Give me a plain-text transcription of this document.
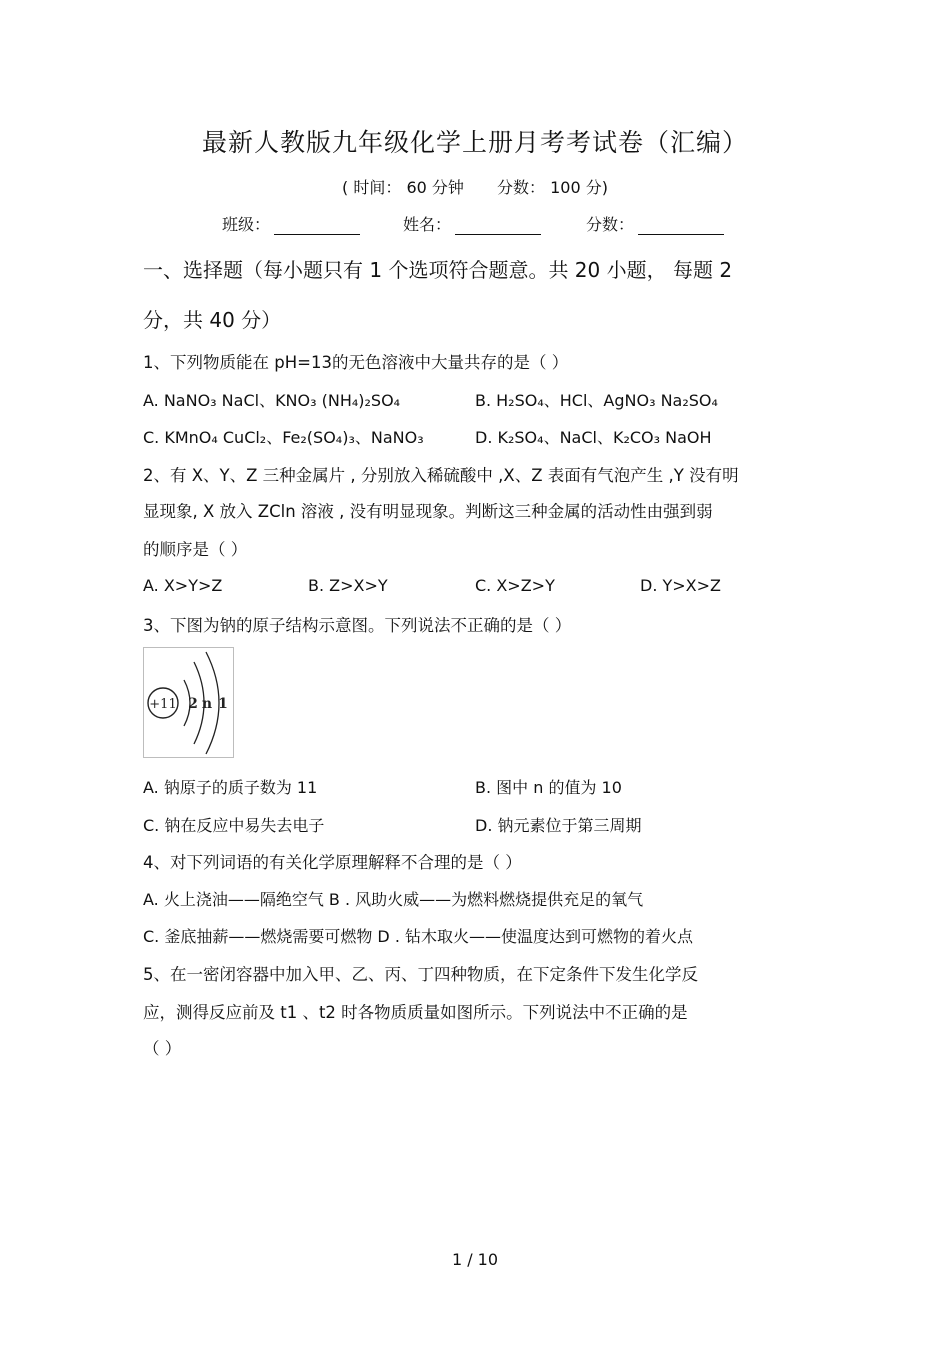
最新人教版九年级化学上册月考考试卷（汇编）
( 时间： 60 分钟 分数： 100 分)
班级：	姓名：	分数：
一、选择题（每小题只有 1 个选项符合题意。共 20 小题， 每题 2
分，共 40 分）
1、下列物质能在 pH=13的无色溶液中大量共存的是（ ）
A. NaNO₃ NaCl、KNO₃ (NH₄)₂SO₄	B. H₂SO₄、HCl、AgNO₃ Na₂SO₄
C. KMnO₄ CuCl₂、Fe₂(SO₄)₃、NaNO₃	D. K₂SO₄、NaCl、K₂CO₃ NaOH
2、有 X、Y、Z 三种金属片 , 分别放入稀硫酸中 ,X、Z 表面有气泡产生 ,Y 没有明
显现象, X 放入 ZCln 溶液 , 没有明显现象。判断这三种金属的活动性由强到弱
的顺序是（ ）
A. X>Y>Z	B. Z>X>Y	C. X>Z>Y	D. Y>X>Z
3、下图为钠的原子结构示意图。下列说法不正确的是（ ）
+11 2 n 1
A. 钠原子的质子数为 11	B. 图中 n 的值为 10
C. 钠在反应中易失去电子	D. 钠元素位于第三周期
4、对下列词语的有关化学原理解释不合理的是（ ）
A. 火上浇油——隔绝空气 B . 风助火威——为燃料燃烧提供充足的氧气
C. 釜底抽薪——燃烧需要可燃物 D . 钻木取火——使温度达到可燃物的着火点
5、在一密闭容器中加入甲、乙、丙、丁四种物质，在下定条件下发生化学反
应，测得反应前及 t1 、t2 时各物质质量如图所示。下列说法中不正确的是
（ ）
1 / 10
